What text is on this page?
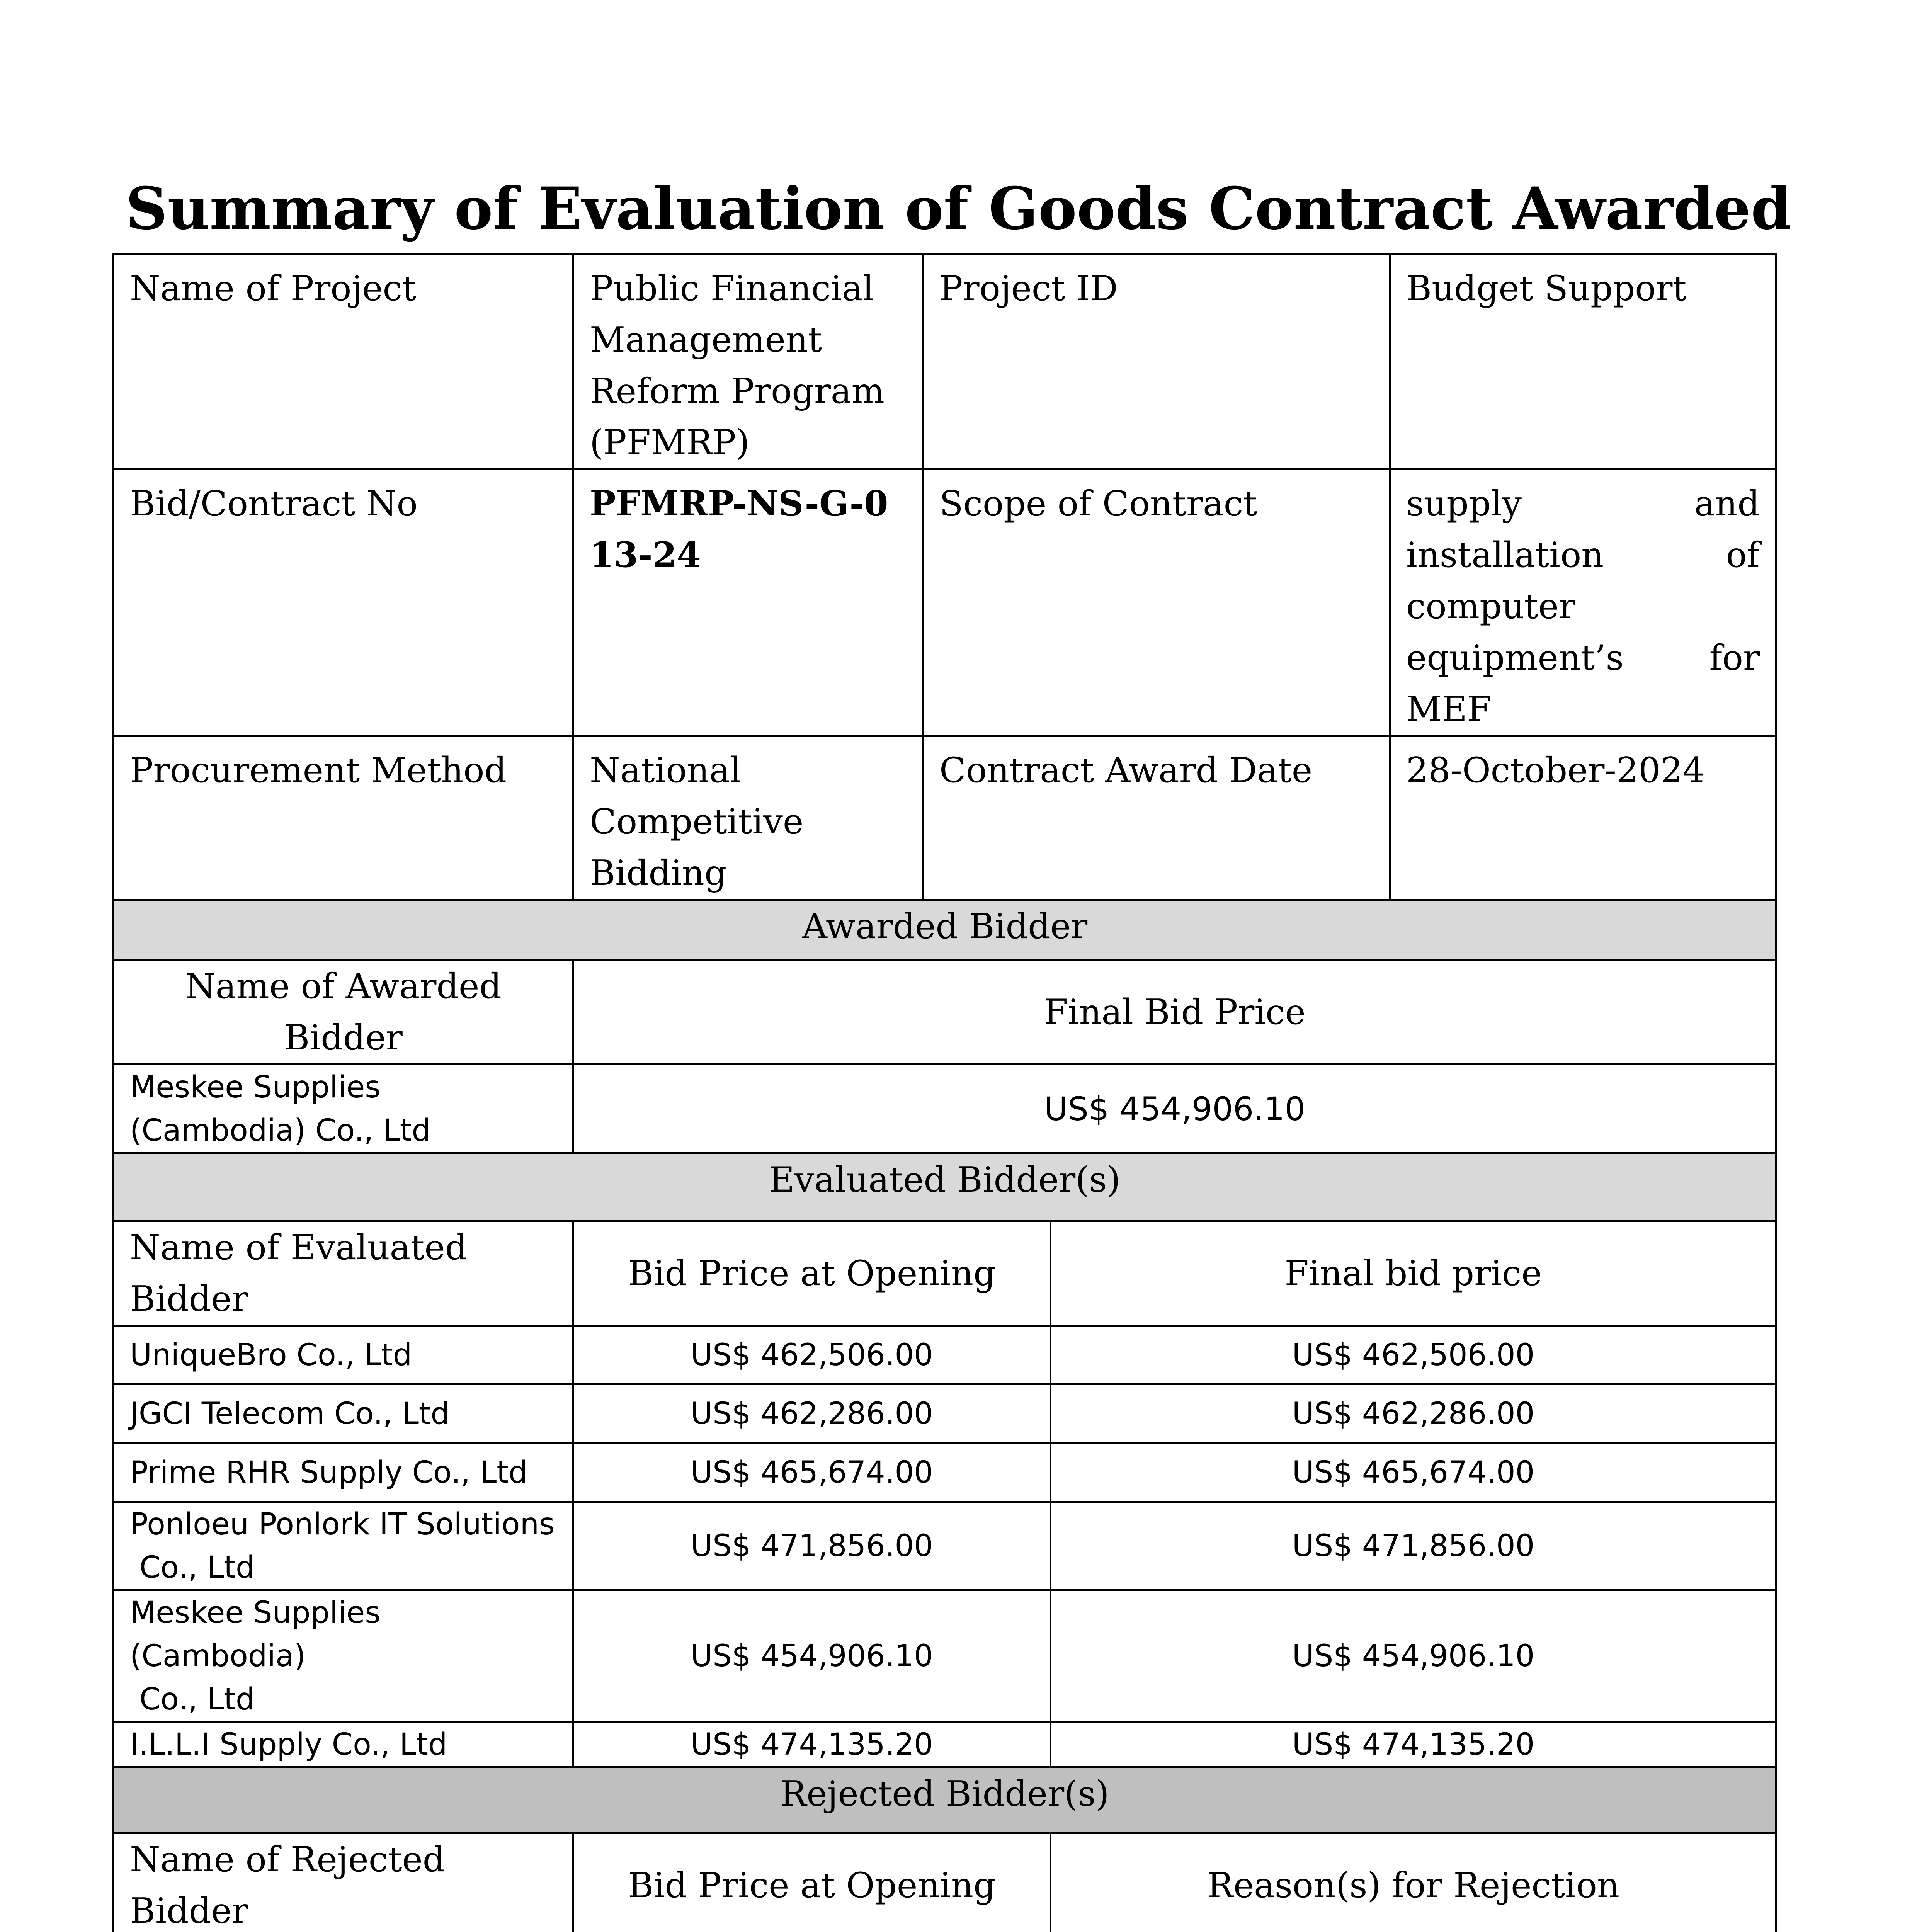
Summary of Evaluation of Goods Contract Awarded
Name of Project	Public Financial Management Reform Program (PFMRP)	Project ID		Budget Support
Bid/Contract No	PFMRP-NS-G-013-24	Scope of Contract		supply and installation of computer equipment’s for MEF
Procurement Method	National Competitive Bidding	Contract Award Date		28-October-2024
Awarded Bidder				
Name of Awarded Bidder	Final Bid Price			
Meskee Supplies
(Cambodia) Co., Ltd	US$ 454,906.10			
Evaluated Bidder(s)				
Name of Evaluated Bidder	Bid Price at Opening		Final bid price	
UniqueBro Co., Ltd	US$ 462,506.00		US$ 462,506.00	
JGCI Telecom Co., Ltd	US$ 462,286.00		US$ 462,286.00	
Prime RHR Supply Co., Ltd	US$ 465,674.00		US$ 465,674.00	
Ponloeu Ponlork IT Solutions
Co., Ltd	US$ 471,856.00		US$ 471,856.00	
Meskee Supplies (Cambodia)
Co., Ltd	US$ 454,906.10		US$ 454,906.10	
I.L.L.I Supply Co., Ltd	US$ 474,135.20		US$ 474,135.20	
Rejected Bidder(s)				
Name of Rejected Bidder	Bid Price at Opening		Reason(s) for Rejection	
